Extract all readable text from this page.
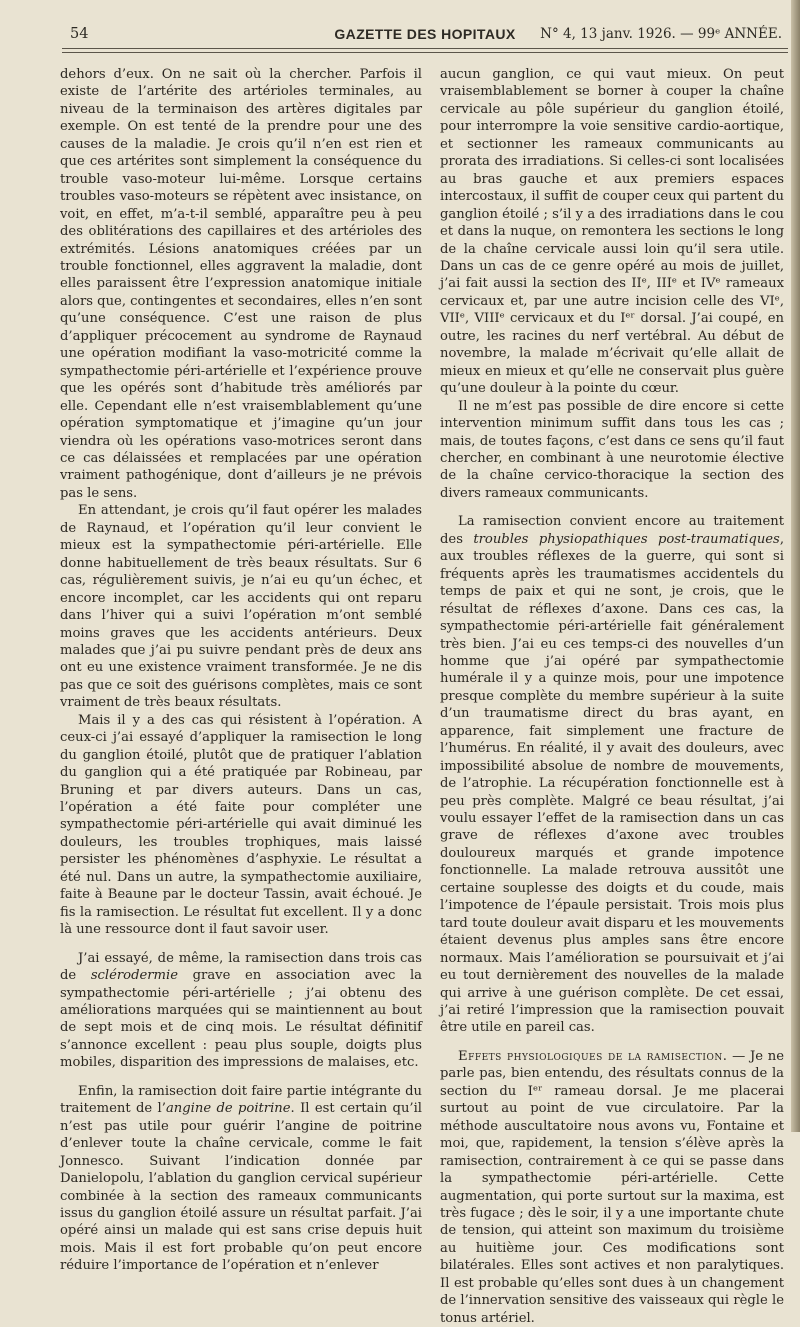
54	GAZETTE DES HOPITAUX	N° 4, 13 janv. 1926. — 99ᵉ ANNÉE.

dehors d’eux. On ne sait où la chercher. Parfois il existe de l’artérite des artérioles terminales, au niveau de la terminaison des artères digitales par exemple. On est tenté de la prendre pour une des causes de la maladie. Je crois qu’il n’en est rien et que ces artérites sont simplement la conséquence du trouble vaso-moteur lui-même. Lorsque certains troubles vaso-moteurs se répètent avec insistance, on voit, en effet, m’a-t-il semblé, apparaître peu à peu des oblitérations des capillaires et des artérioles des extrémités. Lésions anatomiques créées par un trouble fonctionnel, elles aggravent la maladie, dont elles paraissent être l’expression anatomique initiale alors que, contingentes et secondaires, elles n’en sont qu’une conséquence. C’est une raison de plus d’appliquer précocement au syndrome de Raynaud une opération modifiant la vaso-motricité comme la sympathectomie péri-artérielle et l’expérience prouve que les opérés sont d’habitude très améliorés par elle. Cependant elle n’est vraisemblablement qu’une opération symptomatique et j’imagine qu’un jour viendra où les opérations vaso-motrices seront dans ce cas délaissées et remplacées par une opération vraiment pathogénique, dont d’ailleurs je ne prévois pas le sens.

En attendant, je crois qu’il faut opérer les malades de Raynaud, et l’opération qu’il leur convient le mieux est la sympathectomie péri-artérielle. Elle donne habituellement de très beaux résultats. Sur 6 cas, régulièrement suivis, je n’ai eu qu’un échec, et encore incomplet, car les accidents qui ont reparu dans l’hiver qui a suivi l’opération m’ont semblé moins graves que les accidents antérieurs. Deux malades que j’ai pu suivre pendant près de deux ans ont eu une existence vraiment transformée. Je ne dis pas que ce soit des guérisons complètes, mais ce sont vraiment de très beaux résultats.

Mais il y a des cas qui résistent à l’opération. A ceux-ci j’ai essayé d’appliquer la ramisection le long du ganglion étoilé, plutôt que de pratiquer l’ablation du ganglion qui a été pratiquée par Robineau, par Bruning et par divers auteurs. Dans un cas, l’opération a été faite pour compléter une sympathectomie péri-artérielle qui avait diminué les douleurs, les troubles trophiques, mais laissé persister les phénomènes d’asphyxie. Le résultat a été nul. Dans un autre, la sympathectomie auxiliaire, faite à Beaune par le docteur Tassin, avait échoué. Je fis la ramisection. Le résultat fut excellent. Il y a donc là une ressource dont il faut savoir user.

J’ai essayé, de même, la ramisection dans trois cas de sclérodermie grave en association avec la sympathectomie péri-artérielle ; j’ai obtenu des améliorations marquées qui se maintiennent au bout de sept mois et de cinq mois. Le résultat définitif s’annonce excellent : peau plus souple, doigts plus mobiles, disparition des impressions de malaises, etc.

Enfin, la ramisection doit faire partie intégrante du traitement de l’angine de poitrine. Il est certain qu’il n’est pas utile pour guérir l’angine de poitrine d’enlever toute la chaîne cervicale, comme le fait Jonnesco. Suivant l’indication donnée par Danielopolu, l’ablation du ganglion cervical supérieur combinée à la section des rameaux communicants issus du ganglion étoilé assure un résultat parfait. J’ai opéré ainsi un malade qui est sans crise depuis huit mois. Mais il est fort probable qu’on peut encore réduire l’importance de l’opération et n’enlever

aucun ganglion, ce qui vaut mieux. On peut vraisemblablement se borner à couper la chaîne cervicale au pôle supérieur du ganglion étoilé, pour interrompre la voie sensitive cardio-aortique, et sectionner les rameaux communicants au prorata des irradiations. Si celles-ci sont localisées au bras gauche et aux premiers espaces intercostaux, il suffit de couper ceux qui partent du ganglion étoilé ; s’il y a des irradiations dans le cou et dans la nuque, on remontera les sections le long de la chaîne cervicale aussi loin qu’il sera utile. Dans un cas de ce genre opéré au mois de juillet, j’ai fait aussi la section des IIᵉ, IIIᵉ et IVᵉ rameaux cervicaux et, par une autre incision celle des VIᵉ, VIIᵉ, VIIIᵉ cervicaux et du Iᵉʳ dorsal. J’ai coupé, en outre, les racines du nerf vertébral. Au début de novembre, la malade m’écrivait qu’elle allait de mieux en mieux et qu’elle ne conservait plus guère qu’une douleur à la pointe du cœur.

Il ne m’est pas possible de dire encore si cette intervention minimum suffit dans tous les cas ; mais, de toutes façons, c’est dans ce sens qu’il faut chercher, en combinant à une neurotomie élective de la chaîne cervico-thoracique la section des divers rameaux communicants.

La ramisection convient encore au traitement des troubles physiopathiques post-traumatiques, aux troubles réflexes de la guerre, qui sont si fréquents après les traumatismes accidentels du temps de paix et qui ne sont, je crois, que le résultat de réflexes d’axone. Dans ces cas, la sympathectomie péri-artérielle fait généralement très bien. J’ai eu ces temps-ci des nouvelles d’un homme que j’ai opéré par sympathectomie humérale il y a quinze mois, pour une impotence presque complète du membre supérieur à la suite d’un traumatisme direct du bras ayant, en apparence, fait simplement une fracture de l’humérus. En réalité, il y avait des douleurs, avec impossibilité absolue de nombre de mouvements, de l’atrophie. La récupération fonctionnelle est à peu près complète. Malgré ce beau résultat, j’ai voulu essayer l’effet de la ramisection dans un cas grave de réflexes d’axone avec troubles douloureux marqués et grande impotence fonctionnelle. La malade retrouva aussitôt une certaine souplesse des doigts et du coude, mais l’impotence de l’épaule persistait. Trois mois plus tard toute douleur avait disparu et les mouvements étaient devenus plus amples sans être encore normaux. Mais l’amélioration se poursuivait et j’ai eu tout dernièrement des nouvelles de la malade qui arrive à une guérison complète. De cet essai, j’ai retiré l’impression que la ramisection pouvait être utile en pareil cas.

Effets physiologiques de la ramisection. — Je ne parle pas, bien entendu, des résultats connus de la section du Iᵉʳ rameau dorsal. Je me placerai surtout au point de vue circulatoire. Par la méthode auscultatoire nous avons vu, Fontaine et moi, que, rapidement, la tension s’élève après la ramisection, contrairement à ce qui se passe dans la sympathectomie péri-artérielle. Cette augmentation, qui porte surtout sur la maxima, est très fugace ; dès le soir, il y a une importante chute de tension, qui atteint son maximum du troisième au huitième jour. Ces modifications sont bilatérales. Elles sont actives et non paralytiques. Il est probable qu’elles sont dues à un changement de l’innervation sensitive des vaisseaux qui règle le tonus artériel.
